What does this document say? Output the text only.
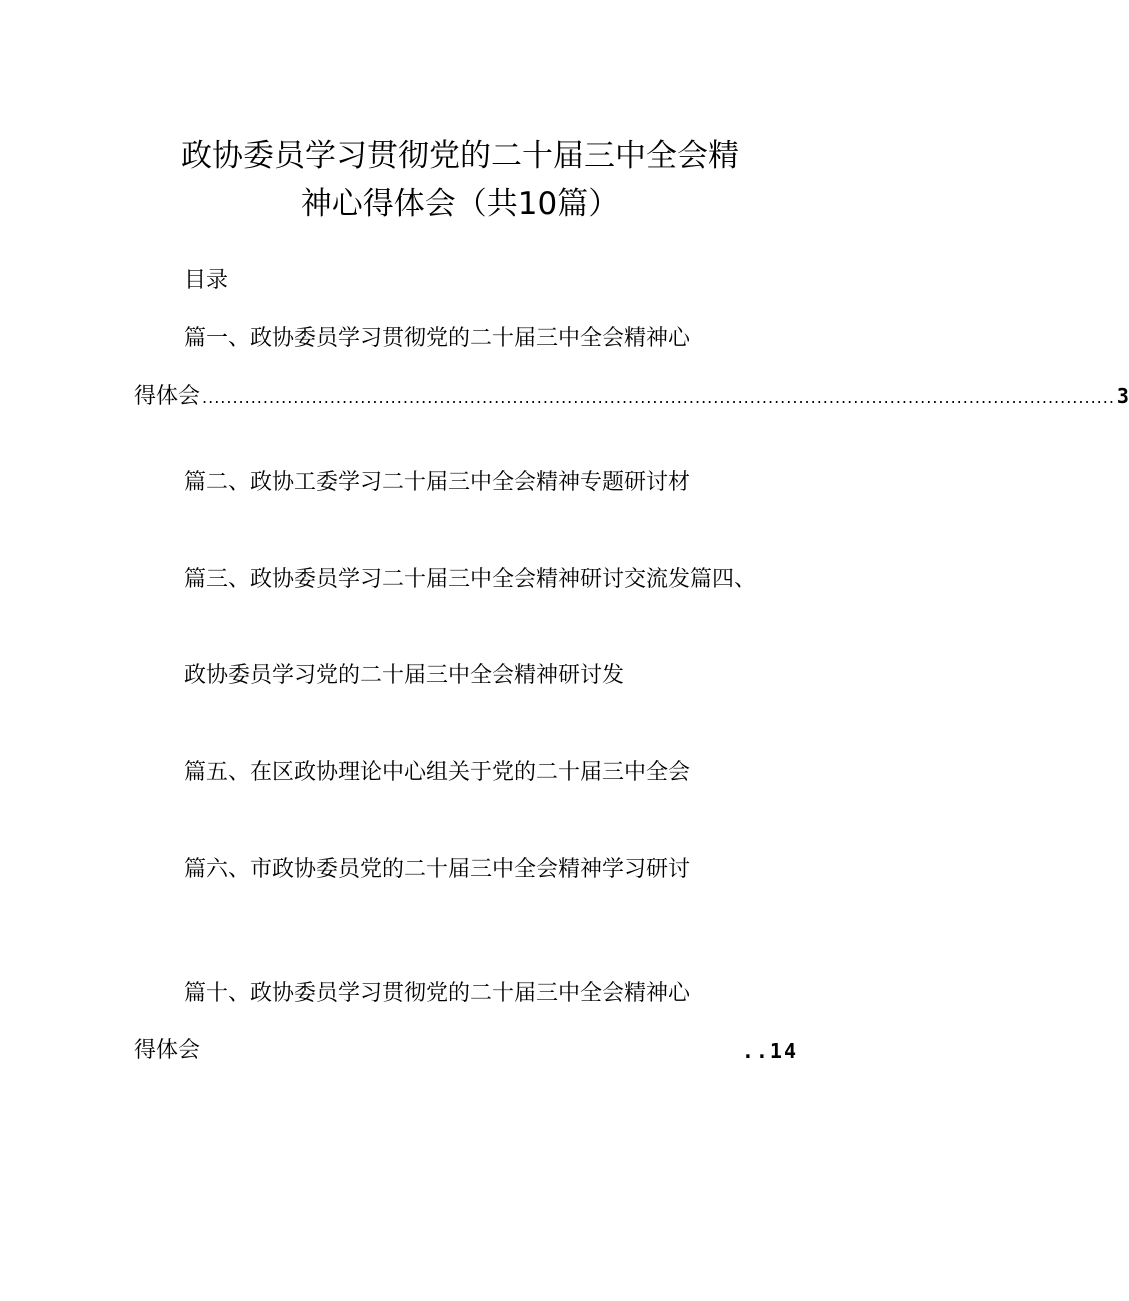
政协委员学习贯彻党的二十届三中全会精
神心得体会（共10篇）
目录
篇一、政协委员学习贯彻党的二十届三中全会精神心
得体会 ...................................................................................................................................................... 3
篇二、政协工委学习二十届三中全会精神专题研讨材
篇三、政协委员学习二十届三中全会精神研讨交流发篇四、
政协委员学习党的二十届三中全会精神研讨发
篇五、在区政协理论中心组关于党的二十届三中全会
篇六、市政协委员党的二十届三中全会精神学习研讨
篇十、政协委员学习贯彻党的二十届三中全会精神心
得体会	..14
